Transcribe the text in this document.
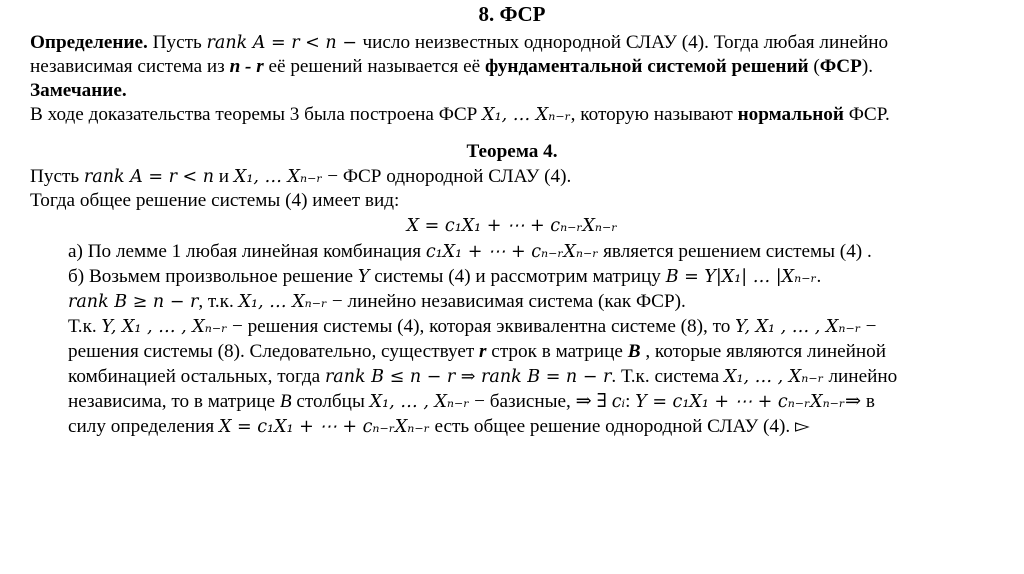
8. ФСР
Определение. Пусть rank A = r < n − число неизвестных однородной СЛАУ (4). Тогда любая линейно
независимая система из n - r её решений называется её фундаментальной системой решений (ФСР).
Замечание.
В ходе доказательства теоремы 3 была построена ФСР X₁, … Xₙ₋ᵣ, которую называют нормальной ФСР.
Теорема 4.
Пусть rank A = r < n и X₁, … Xₙ₋ᵣ − ФСР однородной СЛАУ (4).
Тогда общее решение системы (4) имеет вид:
X = c₁X₁ + ⋯ + cₙ₋ᵣXₙ₋ᵣ
а) По лемме 1 любая линейная комбинация c₁X₁ + ⋯ + cₙ₋ᵣXₙ₋ᵣ является решением системы (4) .
б) Возьмем произвольное решение Y системы (4) и рассмотрим матрицу B = Y|X₁| … |Xₙ₋ᵣ.
rank B ≥ n − r, т.к. X₁, … Xₙ₋ᵣ − линейно независимая система (как ФСР).
Т.к. Y, X₁ , … , Xₙ₋ᵣ − решения системы (4), которая эквивалентна системе (8), то Y, X₁ , … , Xₙ₋ᵣ −
решения системы (8). Следовательно, существует r строк в матрице B , которые являются линейной
комбинацией остальных, тогда rank B ≤ n − r ⇒ rank B = n − r. Т.к. система X₁, … , Xₙ₋ᵣ линейно
независима, то в матрице B столбцы X₁, … , Xₙ₋ᵣ − базисные, ⇒ ∃ cᵢ: Y = c₁X₁ + ⋯ + cₙ₋ᵣXₙ₋ᵣ⇒ в
силу определения X = c₁X₁ + ⋯ + cₙ₋ᵣXₙ₋ᵣ есть общее решение однородной СЛАУ (4). ▻
